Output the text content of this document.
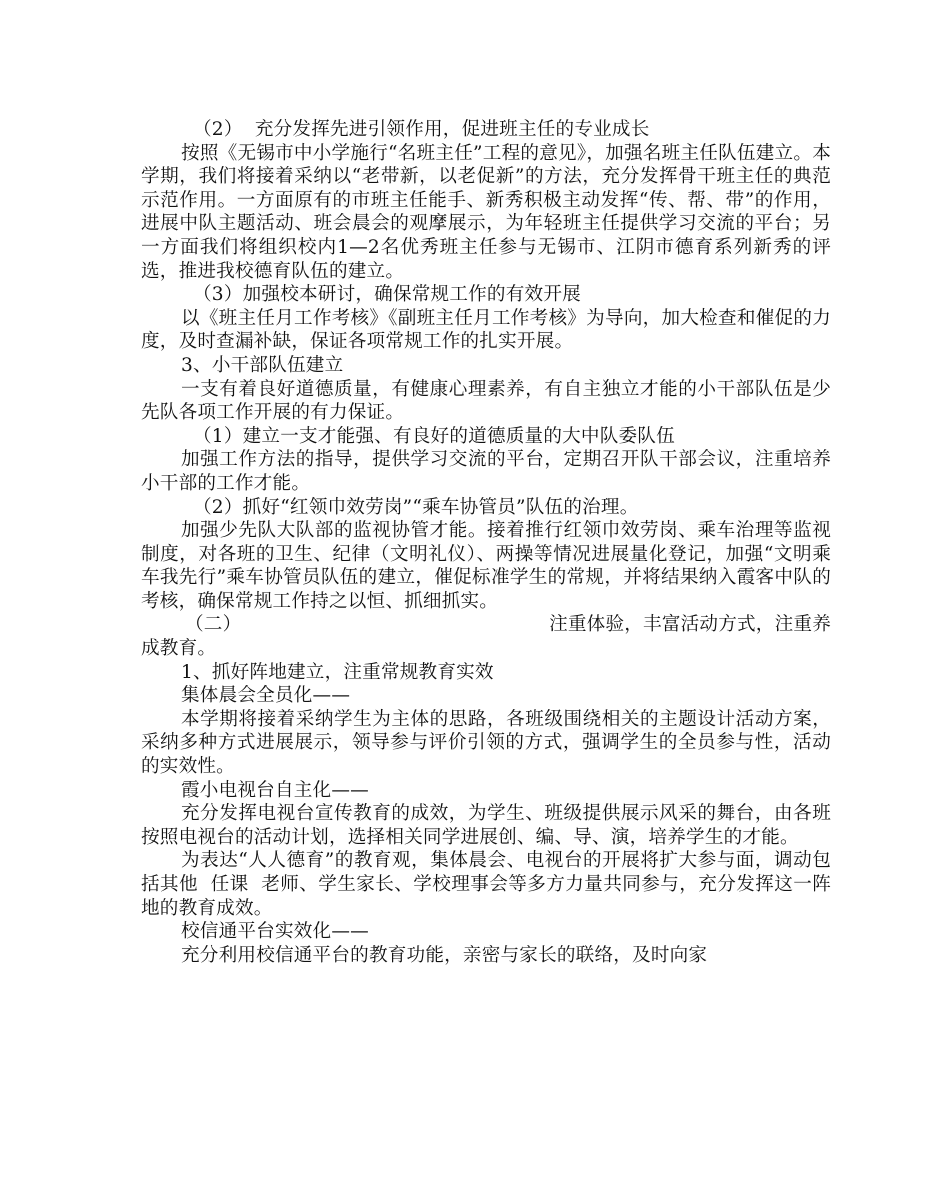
（2）  充分发挥先进引领作用，促进班主任的专业成长

按照《无锡市中小学施行“名班主任”工程的意见》，加强名班主任队伍建立。本学期，我们将接着采纳以“老带新，以老促新”的方法，充分发挥骨干班主任的典范示范作用。一方面原有的市班主任能手、新秀积极主动发挥“传、帮、带”的作用，进展中队主题活动、班会晨会的观摩展示，为年轻班主任提供学习交流的平台；另一方面我们将组织校内1—2名优秀班主任参与无锡市、江阴市德育系列新秀的评选，推进我校德育队伍的建立。

（3）加强校本研讨，确保常规工作的有效开展

以《班主任月工作考核》《副班主任月工作考核》为导向，加大检查和催促的力度，及时查漏补缺，保证各项常规工作的扎实开展。

3、小干部队伍建立

一支有着良好道德质量，有健康心理素养，有自主独立才能的小干部队伍是少先队各项工作开展的有力保证。

（1）建立一支才能强、有良好的道德质量的大中队委队伍

加强工作方法的指导，提供学习交流的平台，定期召开队干部会议，注重培养小干部的工作才能。

（2）抓好“红领巾效劳岗”“乘车协管员”队伍的治理。

加强少先队大队部的监视协管才能。接着推行红领巾效劳岗、乘车治理等监视制度，对各班的卫生、纪律（文明礼仪）、两操等情况进展量化登记，加强“文明乘车我先行”乘车协管员队伍的建立，催促标准学生的常规，并将结果纳入霞客中队的考核，确保常规工作持之以恒、抓细抓实。

（二）	注重体验，丰富活动方式，注重养

成教育。

1、抓好阵地建立，注重常规教育实效

集体晨会全员化——

本学期将接着采纳学生为主体的思路，各班级围绕相关的主题设计活动方案，采纳多种方式进展展示，领导参与评价引领的方式，强调学生的全员参与性，活动的实效性。

霞小电视台自主化——

充分发挥电视台宣传教育的成效，为学生、班级提供展示风采的舞台，由各班按照电视台的活动计划，选择相关同学进展创、编、导、演，培养学生的才能。

为表达“人人德育”的教育观，集体晨会、电视台的开展将扩大参与面，调动包括其他  任课  老师、学生家长、学校理事会等多方力量共同参与，充分发挥这一阵地的教育成效。

校信通平台实效化——

充分利用校信通平台的教育功能，亲密与家长的联络，及时向家
